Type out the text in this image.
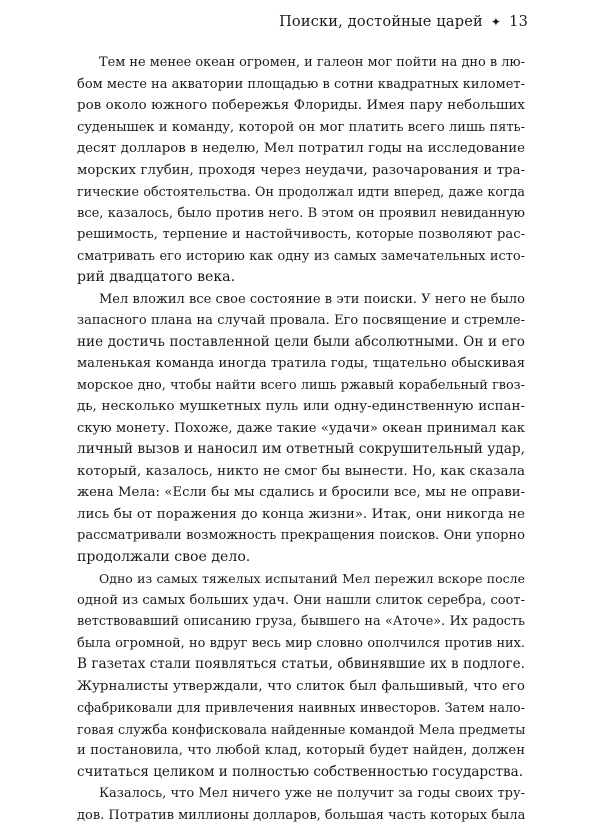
Поиски, достойные царей ✦ 13
Тем не менее океан огромен, и галеон мог пойти на дно в лю-
бом месте на акватории площадью в сотни квадратных километ-
ров около южного побережья Флориды. Имея пару небольших
суденышек и команду, которой он мог платить всего лишь пять-
десят долларов в неделю, Мел потратил годы на исследование
морских глубин, проходя через неудачи, разочарования и тра-
гические обстоятельства. Он продолжал идти вперед, даже когда
все, казалось, было против него. В этом он проявил невиданную
решимость, терпение и настойчивость, которые позволяют рас-
сматривать его историю как одну из самых замечательных исто-
рий двадцатого века.
Мел вложил все свое состояние в эти поиски. У него не было
запасного плана на случай провала. Его посвящение и стремле-
ние достичь поставленной цели были абсолютными. Он и его
маленькая команда иногда тратила годы, тщательно обыскивая
морское дно, чтобы найти всего лишь ржавый корабельный гвоз-
дь, несколько мушкетных пуль или одну-единственную испан-
скую монету. Похоже, даже такие «удачи» океан принимал как
личный вызов и наносил им ответный сокрушительный удар,
который, казалось, никто не смог бы вынести. Но, как сказала
жена Мела: «Если бы мы сдались и бросили все, мы не оправи-
лись бы от поражения до конца жизни». Итак, они никогда не
рассматривали возможность прекращения поисков. Они упорно
продолжали свое дело.
Одно из самых тяжелых испытаний Мел пережил вскоре после
одной из самых больших удач. Они нашли слиток серебра, соот-
ветствовавший описанию груза, бывшего на «Аточе». Их радость
была огромной, но вдруг весь мир словно ополчился против них.
В газетах стали появляться статьи, обвинявшие их в подлоге.
Журналисты утверждали, что слиток был фальшивый, что его
сфабриковали для привлечения наивных инвесторов. Затем нало-
говая служба конфисковала найденные командой Мела предметы
и постановила, что любой клад, который будет найден, должен
считаться целиком и полностью собственностью государства.
Казалось, что Мел ничего уже не получит за годы своих тру-
дов. Потратив миллионы долларов, большая часть которых была
